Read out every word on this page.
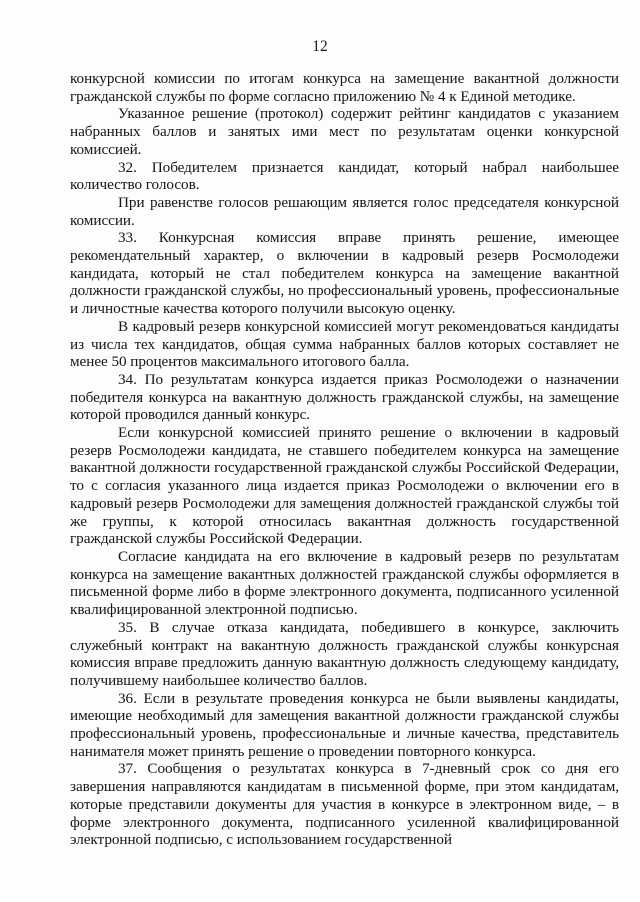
12

конкурсной комиссии по итогам конкурса на замещение вакантной должности гражданской службы по форме согласно приложению № 4 к Единой методике.

Указанное решение (протокол) содержит рейтинг кандидатов с указанием набранных баллов и занятых ими мест по результатам оценки конкурсной комиссией.

32. Победителем признается кандидат, который набрал наибольшее количество голосов.

При равенстве голосов решающим является голос председателя конкурсной комиссии.

33. Конкурсная комиссия вправе принять решение, имеющее рекомендательный характер, о включении в кадровый резерв Росмолодежи кандидата, который не стал победителем конкурса на замещение вакантной должности гражданской службы, но профессиональный уровень, профессиональные и личностные качества которого получили высокую оценку.

В кадровый резерв конкурсной комиссией могут рекомендоваться кандидаты из числа тех кандидатов, общая сумма набранных баллов которых составляет не менее 50 процентов максимального итогового балла.

34. По результатам конкурса издается приказ Росмолодежи о назначении победителя конкурса на вакантную должность гражданской службы, на замещение которой проводился данный конкурс.

Если конкурсной комиссией принято решение о включении в кадровый резерв Росмолодежи кандидата, не ставшего победителем конкурса на замещение вакантной должности государственной гражданской службы Российской Федерации, то с согласия указанного лица издается приказ Росмолодежи о включении его в кадровый резерв Росмолодежи для замещения должностей гражданской службы той же группы, к которой относилась вакантная должность государственной гражданской службы Российской Федерации.

Согласие кандидата на его включение в кадровый резерв по результатам конкурса на замещение вакантных должностей гражданской службы оформляется в письменной форме либо в форме электронного документа, подписанного усиленной квалифицированной электронной подписью.

35. В случае отказа кандидата, победившего в конкурсе, заключить служебный контракт на вакантную должность гражданской службы конкурсная комиссия вправе предложить данную вакантную должность следующему кандидату, получившему наибольшее количество баллов.

36. Если в результате проведения конкурса не были выявлены кандидаты, имеющие необходимый для замещения вакантной должности гражданской службы профессиональный уровень, профессиональные и личные качества, представитель нанимателя может принять решение о проведении повторного конкурса.

37. Сообщения о результатах конкурса в 7-дневный срок со дня его завершения направляются кандидатам в письменной форме, при этом кандидатам, которые представили документы для участия в конкурсе в электронном виде, – в форме электронного документа, подписанного усиленной квалифицированной электронной подписью, с использованием государственной
